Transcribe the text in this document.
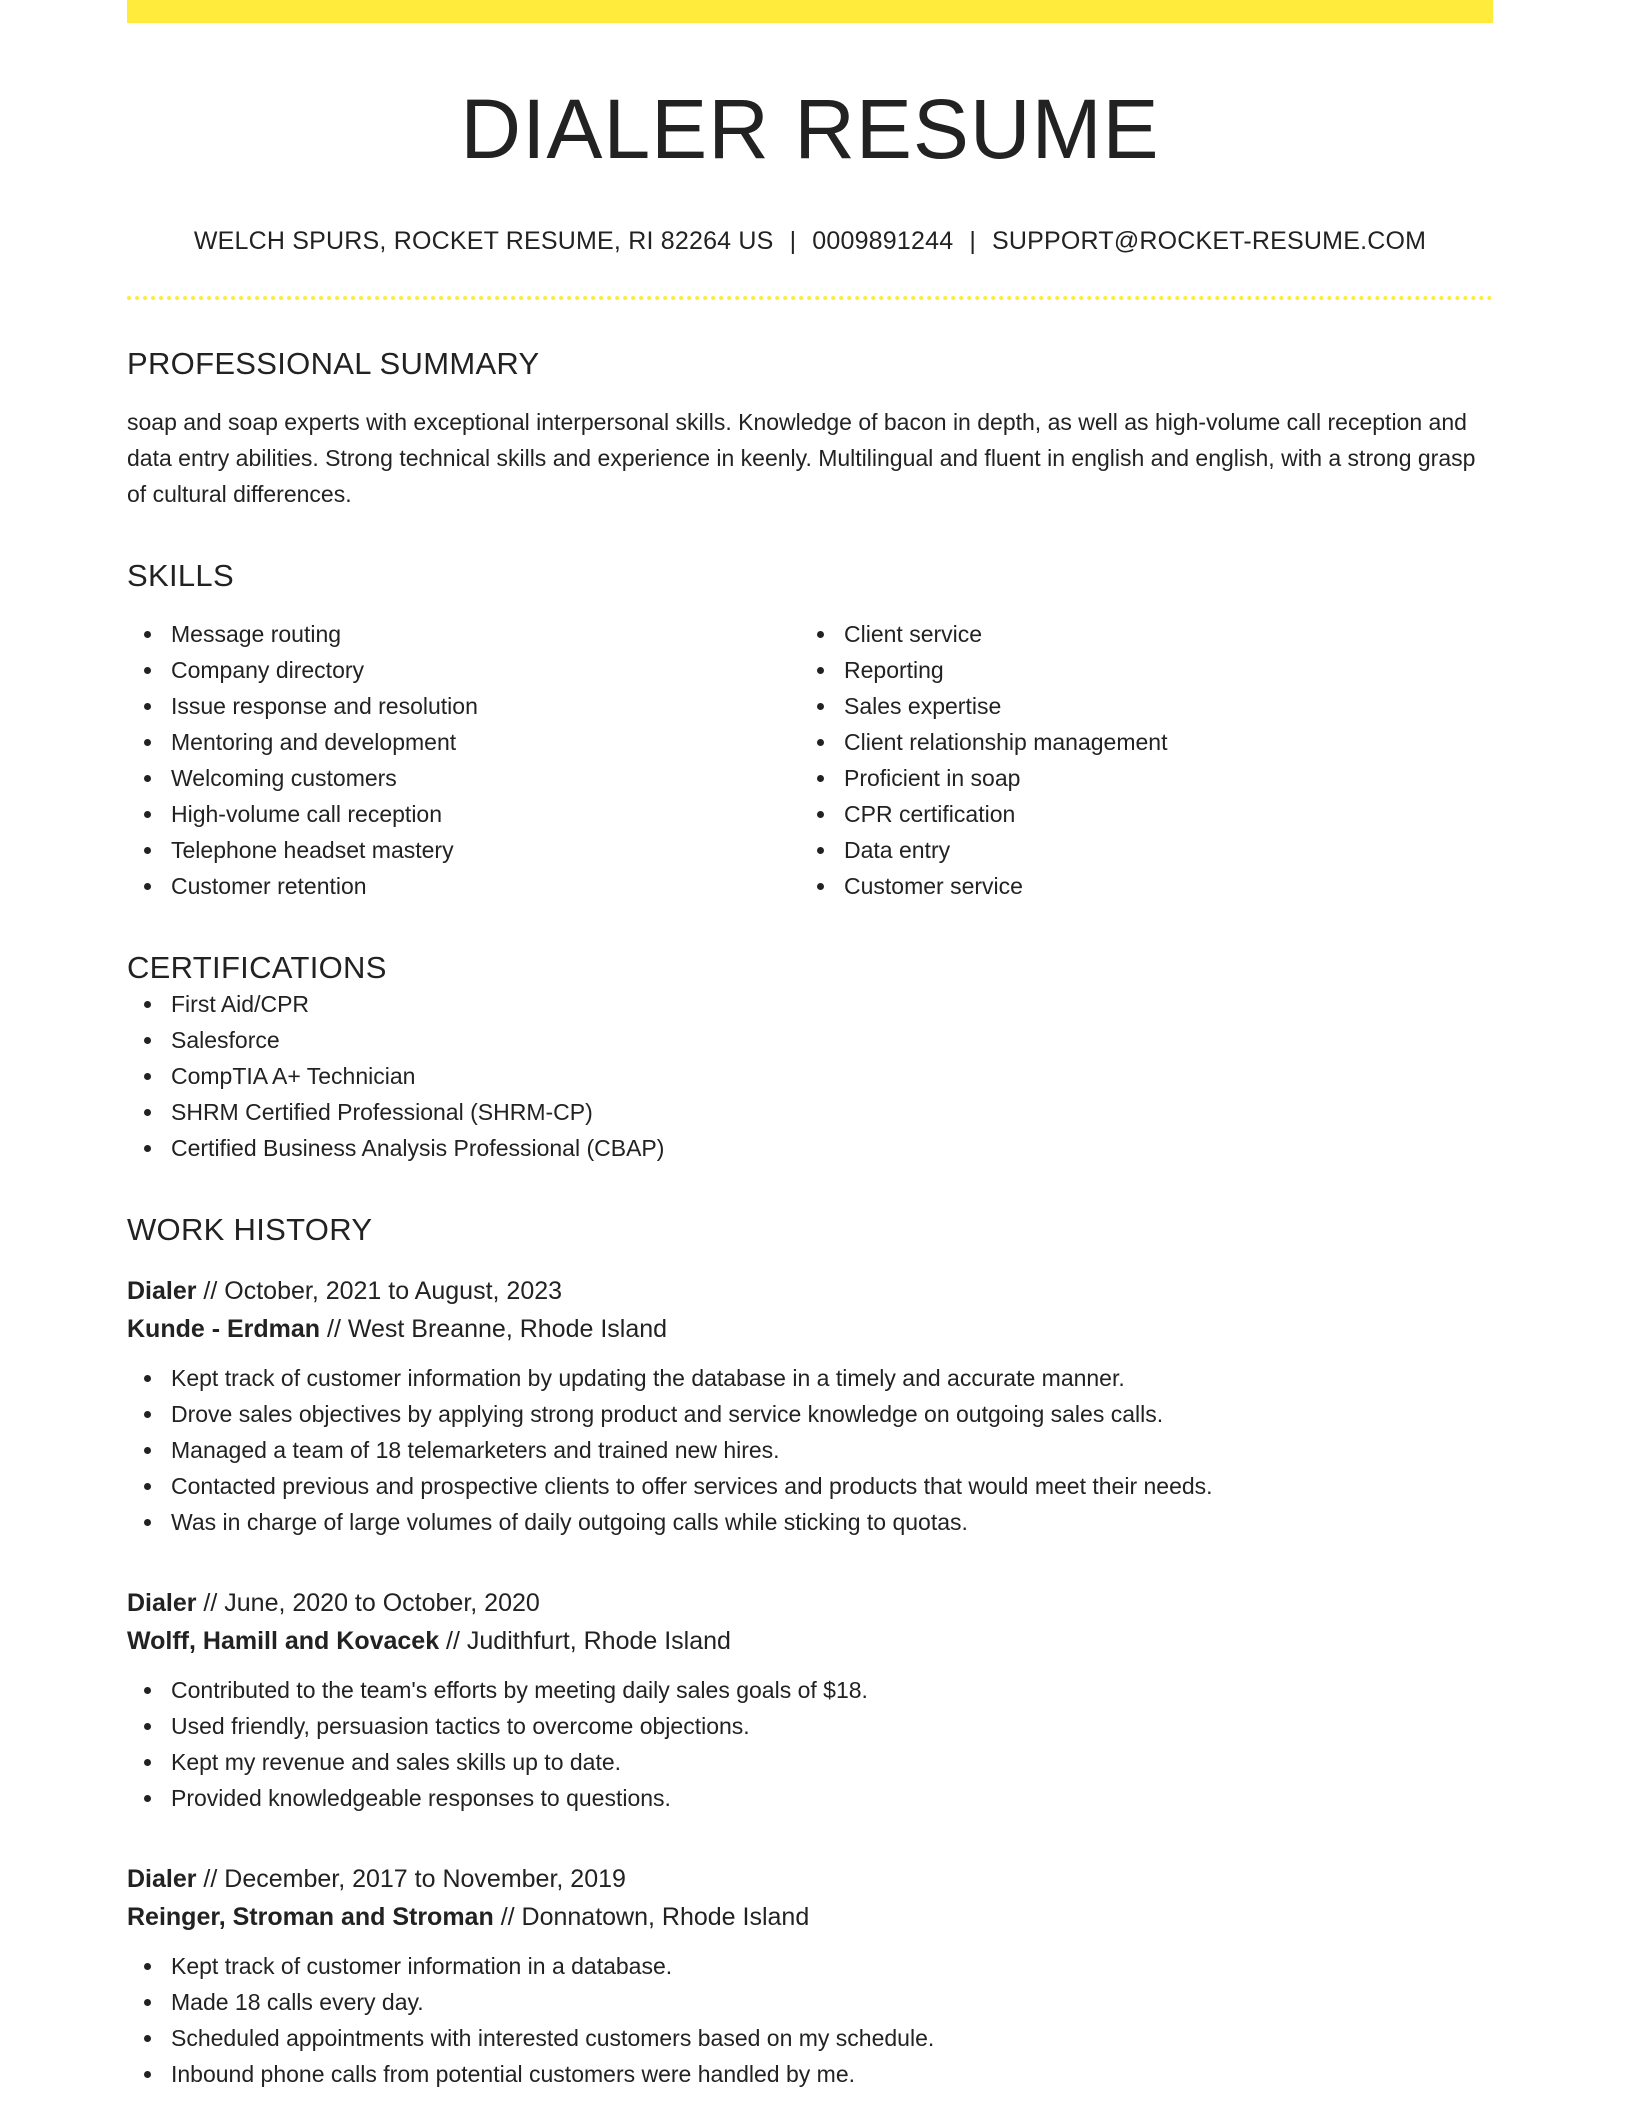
DIALER RESUME
WELCH SPURS, ROCKET RESUME, RI 82264 US | 0009891244 | SUPPORT@ROCKET-RESUME.COM
PROFESSIONAL SUMMARY
soap and soap experts with exceptional interpersonal skills. Knowledge of bacon in depth, as well as high-volume call reception and data entry abilities. Strong technical skills and experience in keenly. Multilingual and fluent in english and english, with a strong grasp of cultural differences.
SKILLS
Message routing
Company directory
Issue response and resolution
Mentoring and development
Welcoming customers
High-volume call reception
Telephone headset mastery
Customer retention
Client service
Reporting
Sales expertise
Client relationship management
Proficient in soap
CPR certification
Data entry
Customer service
CERTIFICATIONS
First Aid/CPR
Salesforce
CompTIA A+ Technician
SHRM Certified Professional (SHRM-CP)
Certified Business Analysis Professional (CBAP)
WORK HISTORY
Dialer // October, 2021 to August, 2023
Kunde - Erdman // West Breanne, Rhode Island
Kept track of customer information by updating the database in a timely and accurate manner.
Drove sales objectives by applying strong product and service knowledge on outgoing sales calls.
Managed a team of 18 telemarketers and trained new hires.
Contacted previous and prospective clients to offer services and products that would meet their needs.
Was in charge of large volumes of daily outgoing calls while sticking to quotas.
Dialer // June, 2020 to October, 2020
Wolff, Hamill and Kovacek // Judithfurt, Rhode Island
Contributed to the team's efforts by meeting daily sales goals of $18.
Used friendly, persuasion tactics to overcome objections.
Kept my revenue and sales skills up to date.
Provided knowledgeable responses to questions.
Dialer // December, 2017 to November, 2019
Reinger, Stroman and Stroman // Donnatown, Rhode Island
Kept track of customer information in a database.
Made 18 calls every day.
Scheduled appointments with interested customers based on my schedule.
Inbound phone calls from potential customers were handled by me.
